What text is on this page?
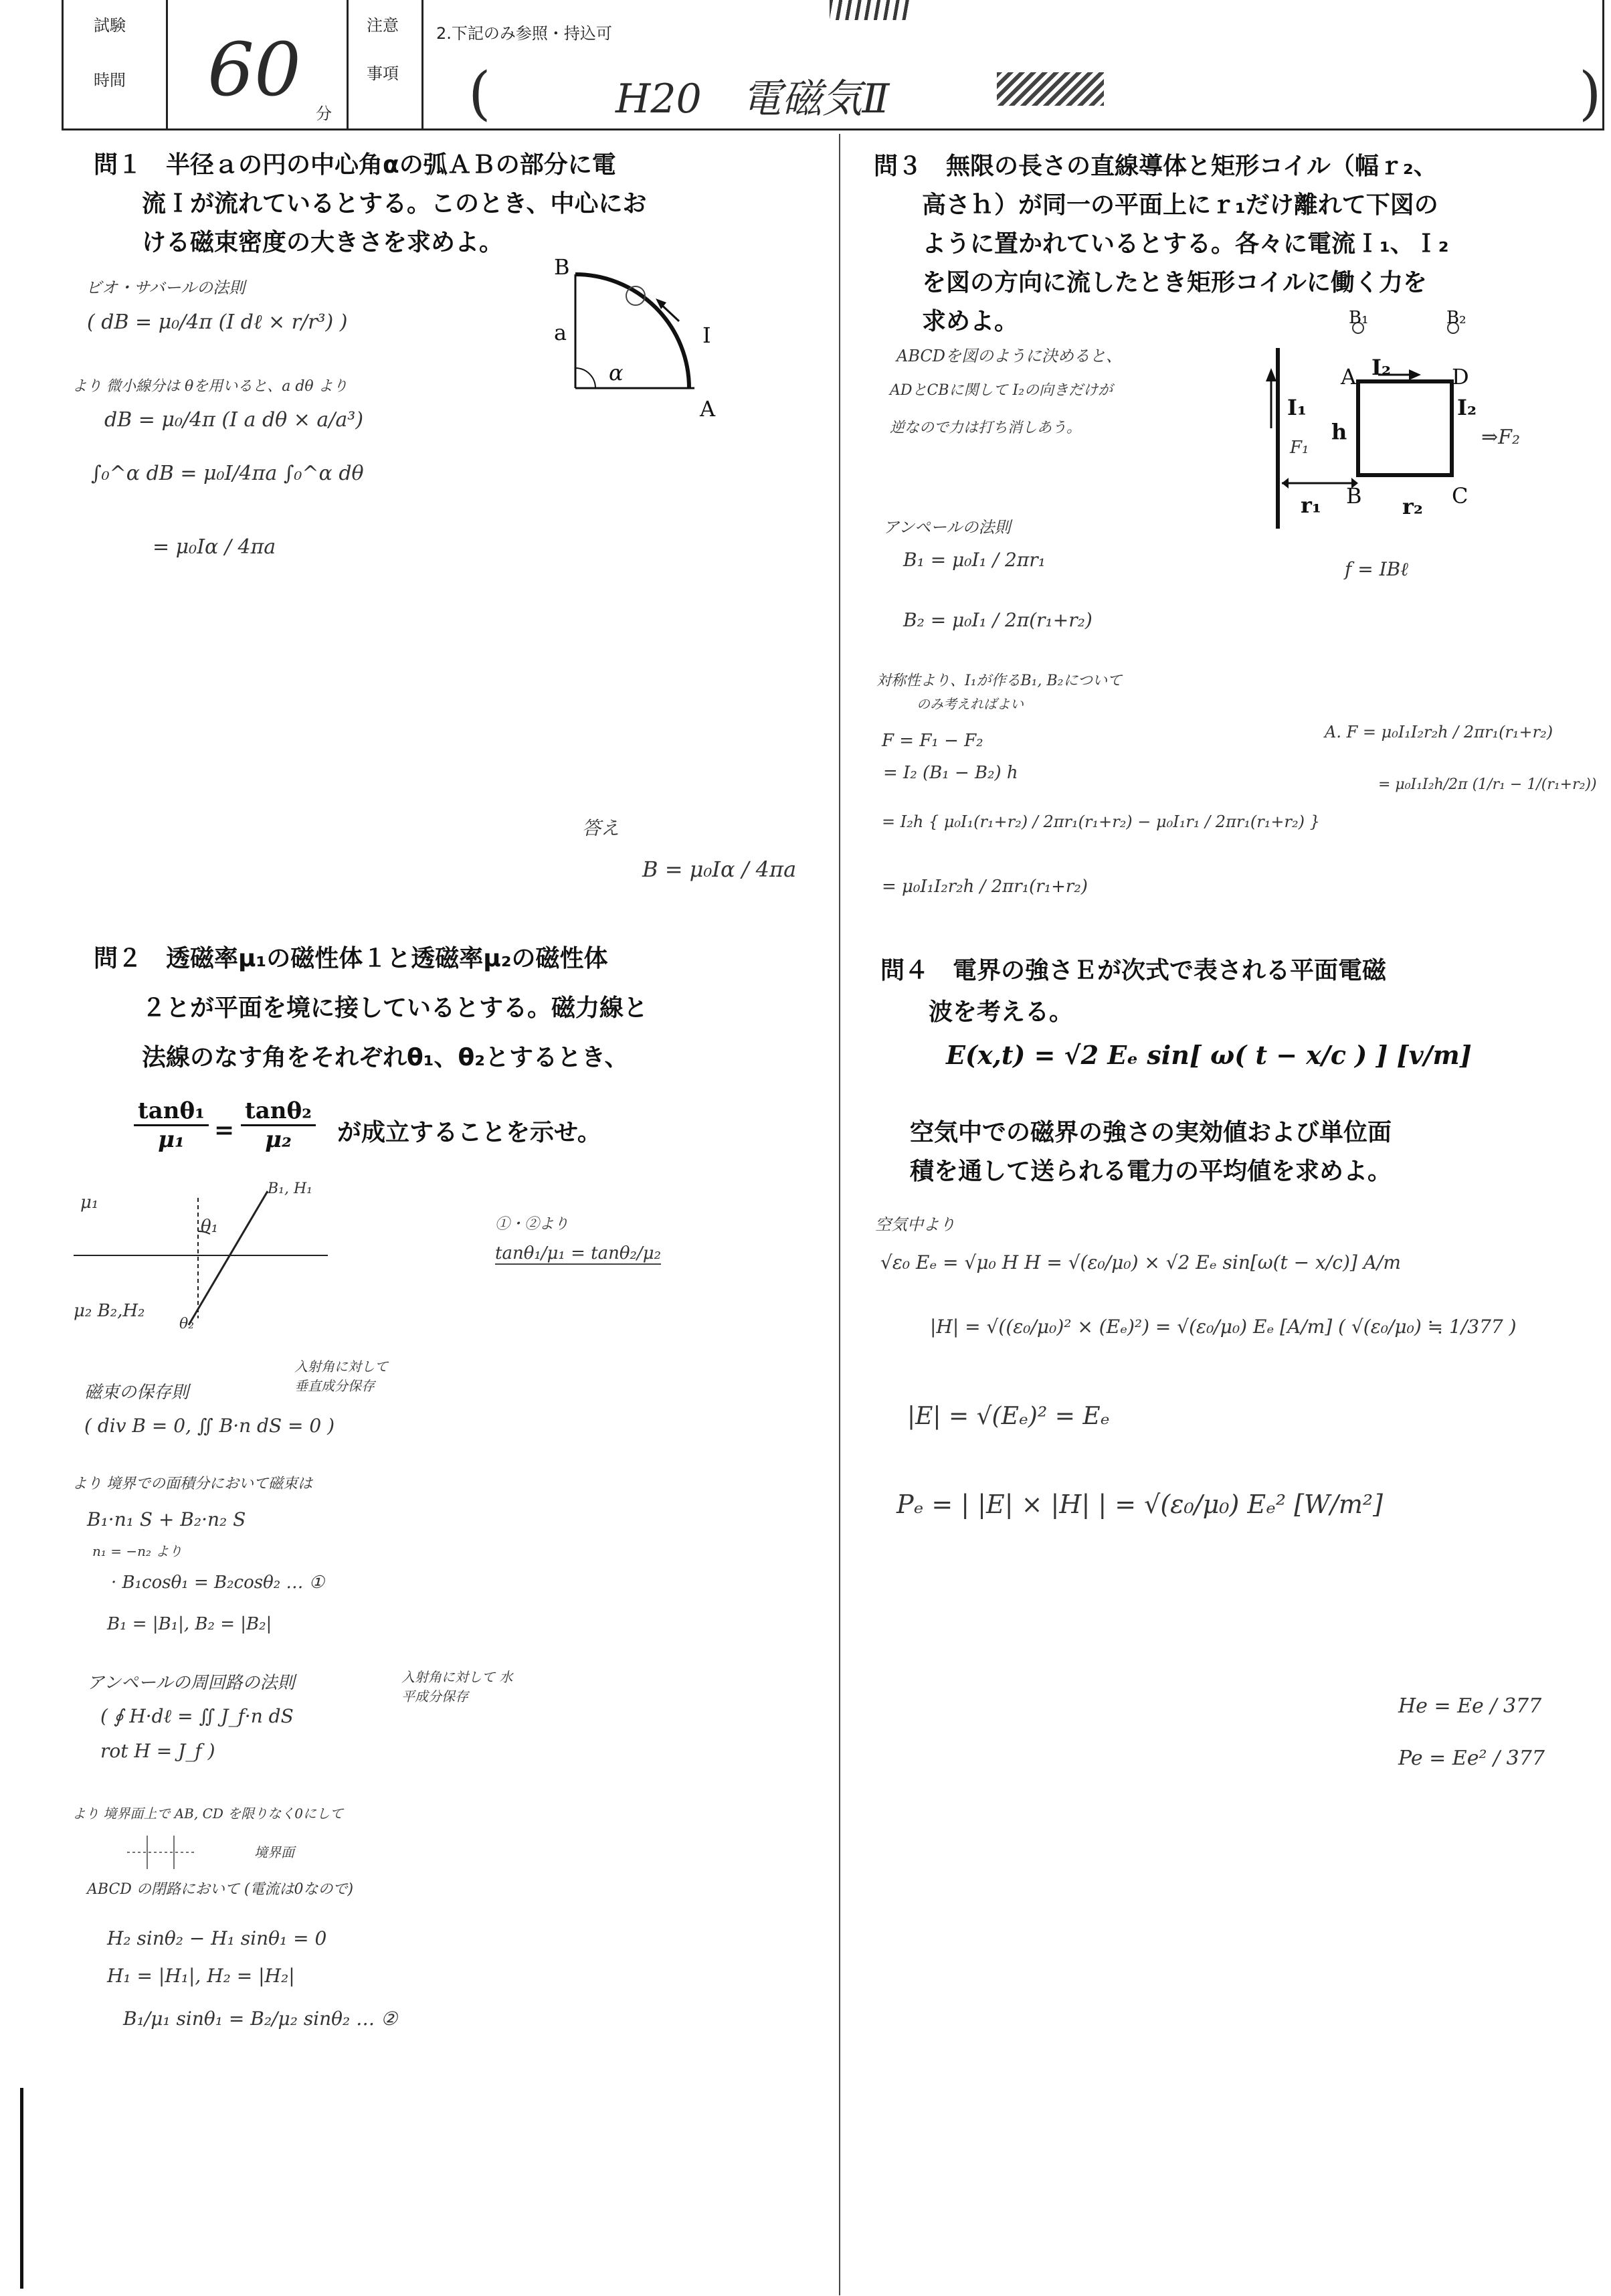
試験
時間 60
分
注意
事項
2.下記のみ参照・持込可
(	H20　電磁気Ⅱ	)
問１　半径ａの円の中心角αの弧ＡＢの部分に電
　　流Ｉが流れているとする。このとき、中心にお
　　ける磁束密度の大きさを求めよ。
B
A
a
α
I
ビオ・サバールの法則
( dB = μ₀/4π (I dℓ × r/r³) )
より 微小線分は θを用いると、a dθ より
dB = μ₀/4π (I a dθ × a/a³)
∫₀^α dB = μ₀I/4πa ∫₀^α dθ
= μ₀Iα / 4πa
答え
B = μ₀Iα / 4πa
問２　透磁率μ₁の磁性体１と透磁率μ₂の磁性体
　　２とが平面を境に接しているとする。磁力線と
　　法線のなす角をそれぞれθ₁、θ₂とするとき、
$\frac{\text{tanθ₁}}{\text{μ₁}} = \frac{\text{tanθ₂}}{\text{μ₂}}$ が成立することを示せ。
μ₁
μ₂ B₂,H₂
θ₁
θ₂
B₁, H₁
①・②より
tanθ₁/μ₁ = tanθ₂/μ₂
磁束の保存則
( div B = 0, ∬ B·n dS = 0 )
より 境界での面積分において磁束は
B₁·n₁ S + B₂·n₂ S
n₁ = −n₂ より
· B₁cosθ₁ = B₂cosθ₂ … ①
B₁ = |B₁|, B₂ = |B₂|
アンペールの周回路の法則
( ∮ H·dℓ = ∬ J_f·n dS
rot H = J_f )
より 境界面上で AB, CD を限りなく0にして
ABCD の閉路において (電流は0なので)
H₂ sinθ₂ − H₁ sinθ₁ = 0
H₁ = |H₁|, H₂ = |H₂|
B₁/μ₁ sinθ₁ = B₂/μ₂ sinθ₂ … ②
入射角に対して 垂直成分保存
入射角に対して 水平成分保存
境界面
問３　無限の長さの直線導体と矩形コイル（幅ｒ₂、
　　高さｈ）が同一の平面上にｒ₁だけ離れて下図の
　　ように置かれているとする。各々に電流Ｉ₁、Ｉ₂
　　を図の方向に流したとき矩形コイルに働く力を
　　求めよ。	B₁	B₂
A I₂	D
I₂
⇒F₂
I₁
F₁
h
r₁ B r₂ C
f = IBℓ
ABCDを図のように決めると、
ADとCBに関して I₂の向きだけが
逆なので力は打ち消しあう。
アンペールの法則
B₁ = μ₀I₁ / 2πr₁
B₂ = μ₀I₁ / 2π(r₁+r₂)
対称性より、I₁が作るB₁, B₂について
のみ考えればよい
F = F₁ − F₂
= I₂ (B₁ − B₂) h
= I₂h { μ₀I₁(r₁+r₂) / 2πr₁(r₁+r₂) − μ₀I₁r₁ / 2πr₁(r₁+r₂) }
= μ₀I₁I₂r₂h / 2πr₁(r₁+r₂)
A. F = μ₀I₁I₂r₂h / 2πr₁(r₁+r₂)
= μ₀I₁I₂h/2π (1/r₁ − 1/(r₁+r₂))
問４　電界の強さＥが次式で表される平面電磁
　　波を考える。
E(x,t) = √2 Eₑ sin[ ω( t − x/c ) ] [v/m]
空気中での磁界の強さの実効値および単位面
積を通して送られる電力の平均値を求めよ。
空気中より
√ε₀ Eₑ = √μ₀ H H = √(ε₀/μ₀) × √2 Eₑ sin[ω(t − x/c)] A/m
|H| = √((ε₀/μ₀)² × (Eₑ)²) = √(ε₀/μ₀) Eₑ [A/m] ( √(ε₀/μ₀) ≒ 1/377 )
|E| = √(Eₑ)² = Eₑ
Pₑ = | |E| × |H| | = √(ε₀/μ₀) Eₑ² [W/m²]
He = Ee / 377
Pe = Ee² / 377
